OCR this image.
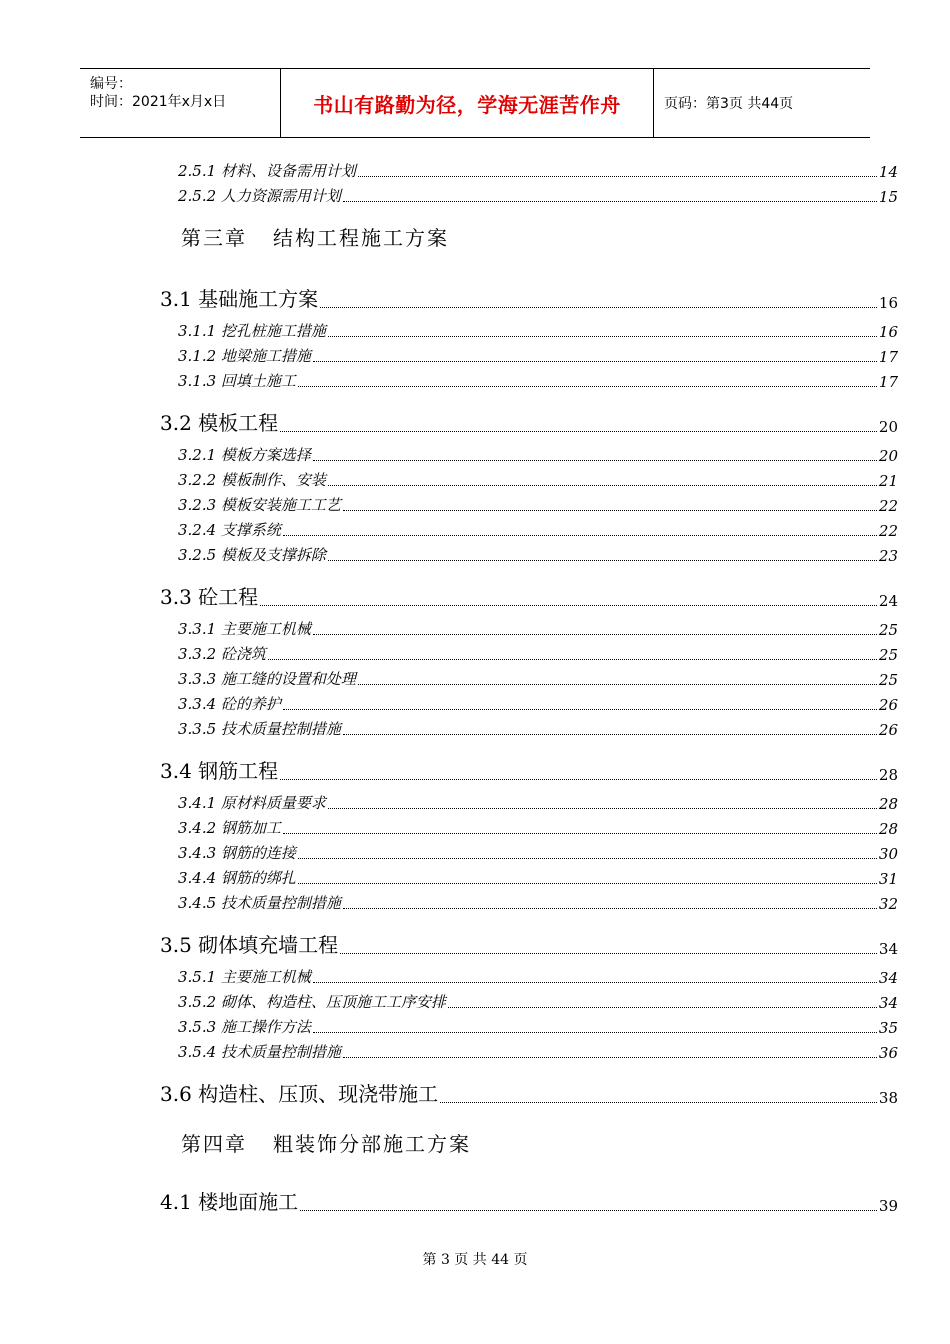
编号：
时间：2021年x月x日	书山有路勤为径，学海无涯苦作舟	页码：第3页 共44页
2.5.1 材料、设备需用计划	14
2.5.2 人力资源需用计划	15
第三章 结构工程施工方案
3.1 基础施工方案	16
3.1.1 挖孔桩施工措施	16
3.1.2 地梁施工措施	17
3.1.3 回填土施工	17
3.2 模板工程	20
3.2.1 模板方案选择	20
3.2.2 模板制作、安装	21
3.2.3 模板安装施工工艺	22
3.2.4 支撑系统	22
3.2.5 模板及支撑拆除	23
3.3 砼工程	24
3.3.1 主要施工机械	25
3.3.2 砼浇筑	25
3.3.3 施工缝的设置和处理	25
3.3.4 砼的养护	26
3.3.5 技术质量控制措施	26
3.4 钢筋工程	28
3.4.1 原材料质量要求	28
3.4.2 钢筋加工	28
3.4.3 钢筋的连接	30
3.4.4 钢筋的绑扎	31
3.4.5 技术质量控制措施	32
3.5 砌体填充墙工程	34
3.5.1 主要施工机械	34
3.5.2 砌体、构造柱、压顶施工工序安排	34
3.5.3 施工操作方法	35
3.5.4 技术质量控制措施	36
3.6 构造柱、压顶、现浇带施工	38
第四章 粗装饰分部施工方案
4.1 楼地面施工	39
第 3 页 共 44 页
